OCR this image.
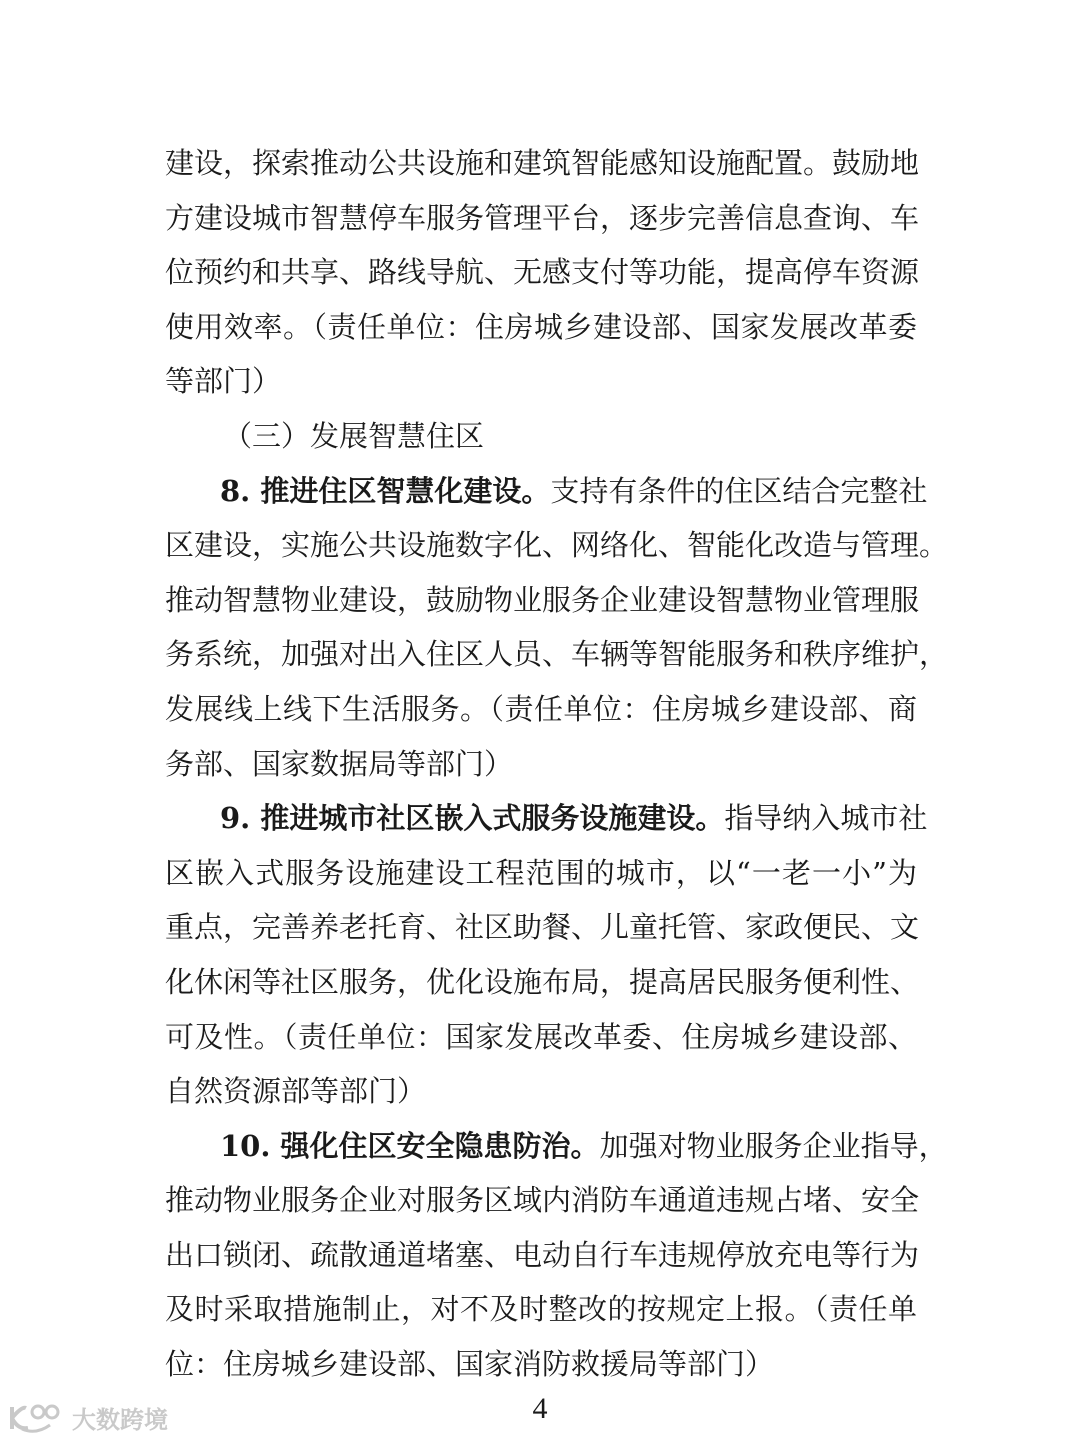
建设，探索推动公共设施和建筑智能感知设施配置。鼓励地
方建设城市智慧停车服务管理平台，逐步完善信息查询、车
位预约和共享、路线导航、无感支付等功能，提高停车资源
使用效率。（责任单位：住房城乡建设部、国家发展改革委
等部门）
（三）发展智慧住区
8. 推进住区智慧化建设。支持有条件的住区结合完整社
区建设，实施公共设施数字化、网络化、智能化改造与管理。
推动智慧物业建设，鼓励物业服务企业建设智慧物业管理服
务系统，加强对出入住区人员、车辆等智能服务和秩序维护，
发展线上线下生活服务。（责任单位：住房城乡建设部、商
务部、国家数据局等部门）
9. 推进城市社区嵌入式服务设施建设。指导纳入城市社
区嵌入式服务设施建设工程范围的城市，以“一老一小”为
重点，完善养老托育、社区助餐、儿童托管、家政便民、文
化休闲等社区服务，优化设施布局，提高居民服务便利性、
可及性。（责任单位：国家发展改革委、住房城乡建设部、
自然资源部等部门）
10. 强化住区安全隐患防治。加强对物业服务企业指导，
推动物业服务企业对服务区域内消防车通道违规占堵、安全
出口锁闭、疏散通道堵塞、电动自行车违规停放充电等行为
及时采取措施制止，对不及时整改的按规定上报。（责任单
位：住房城乡建设部、国家消防救援局等部门）
4
大数跨境
